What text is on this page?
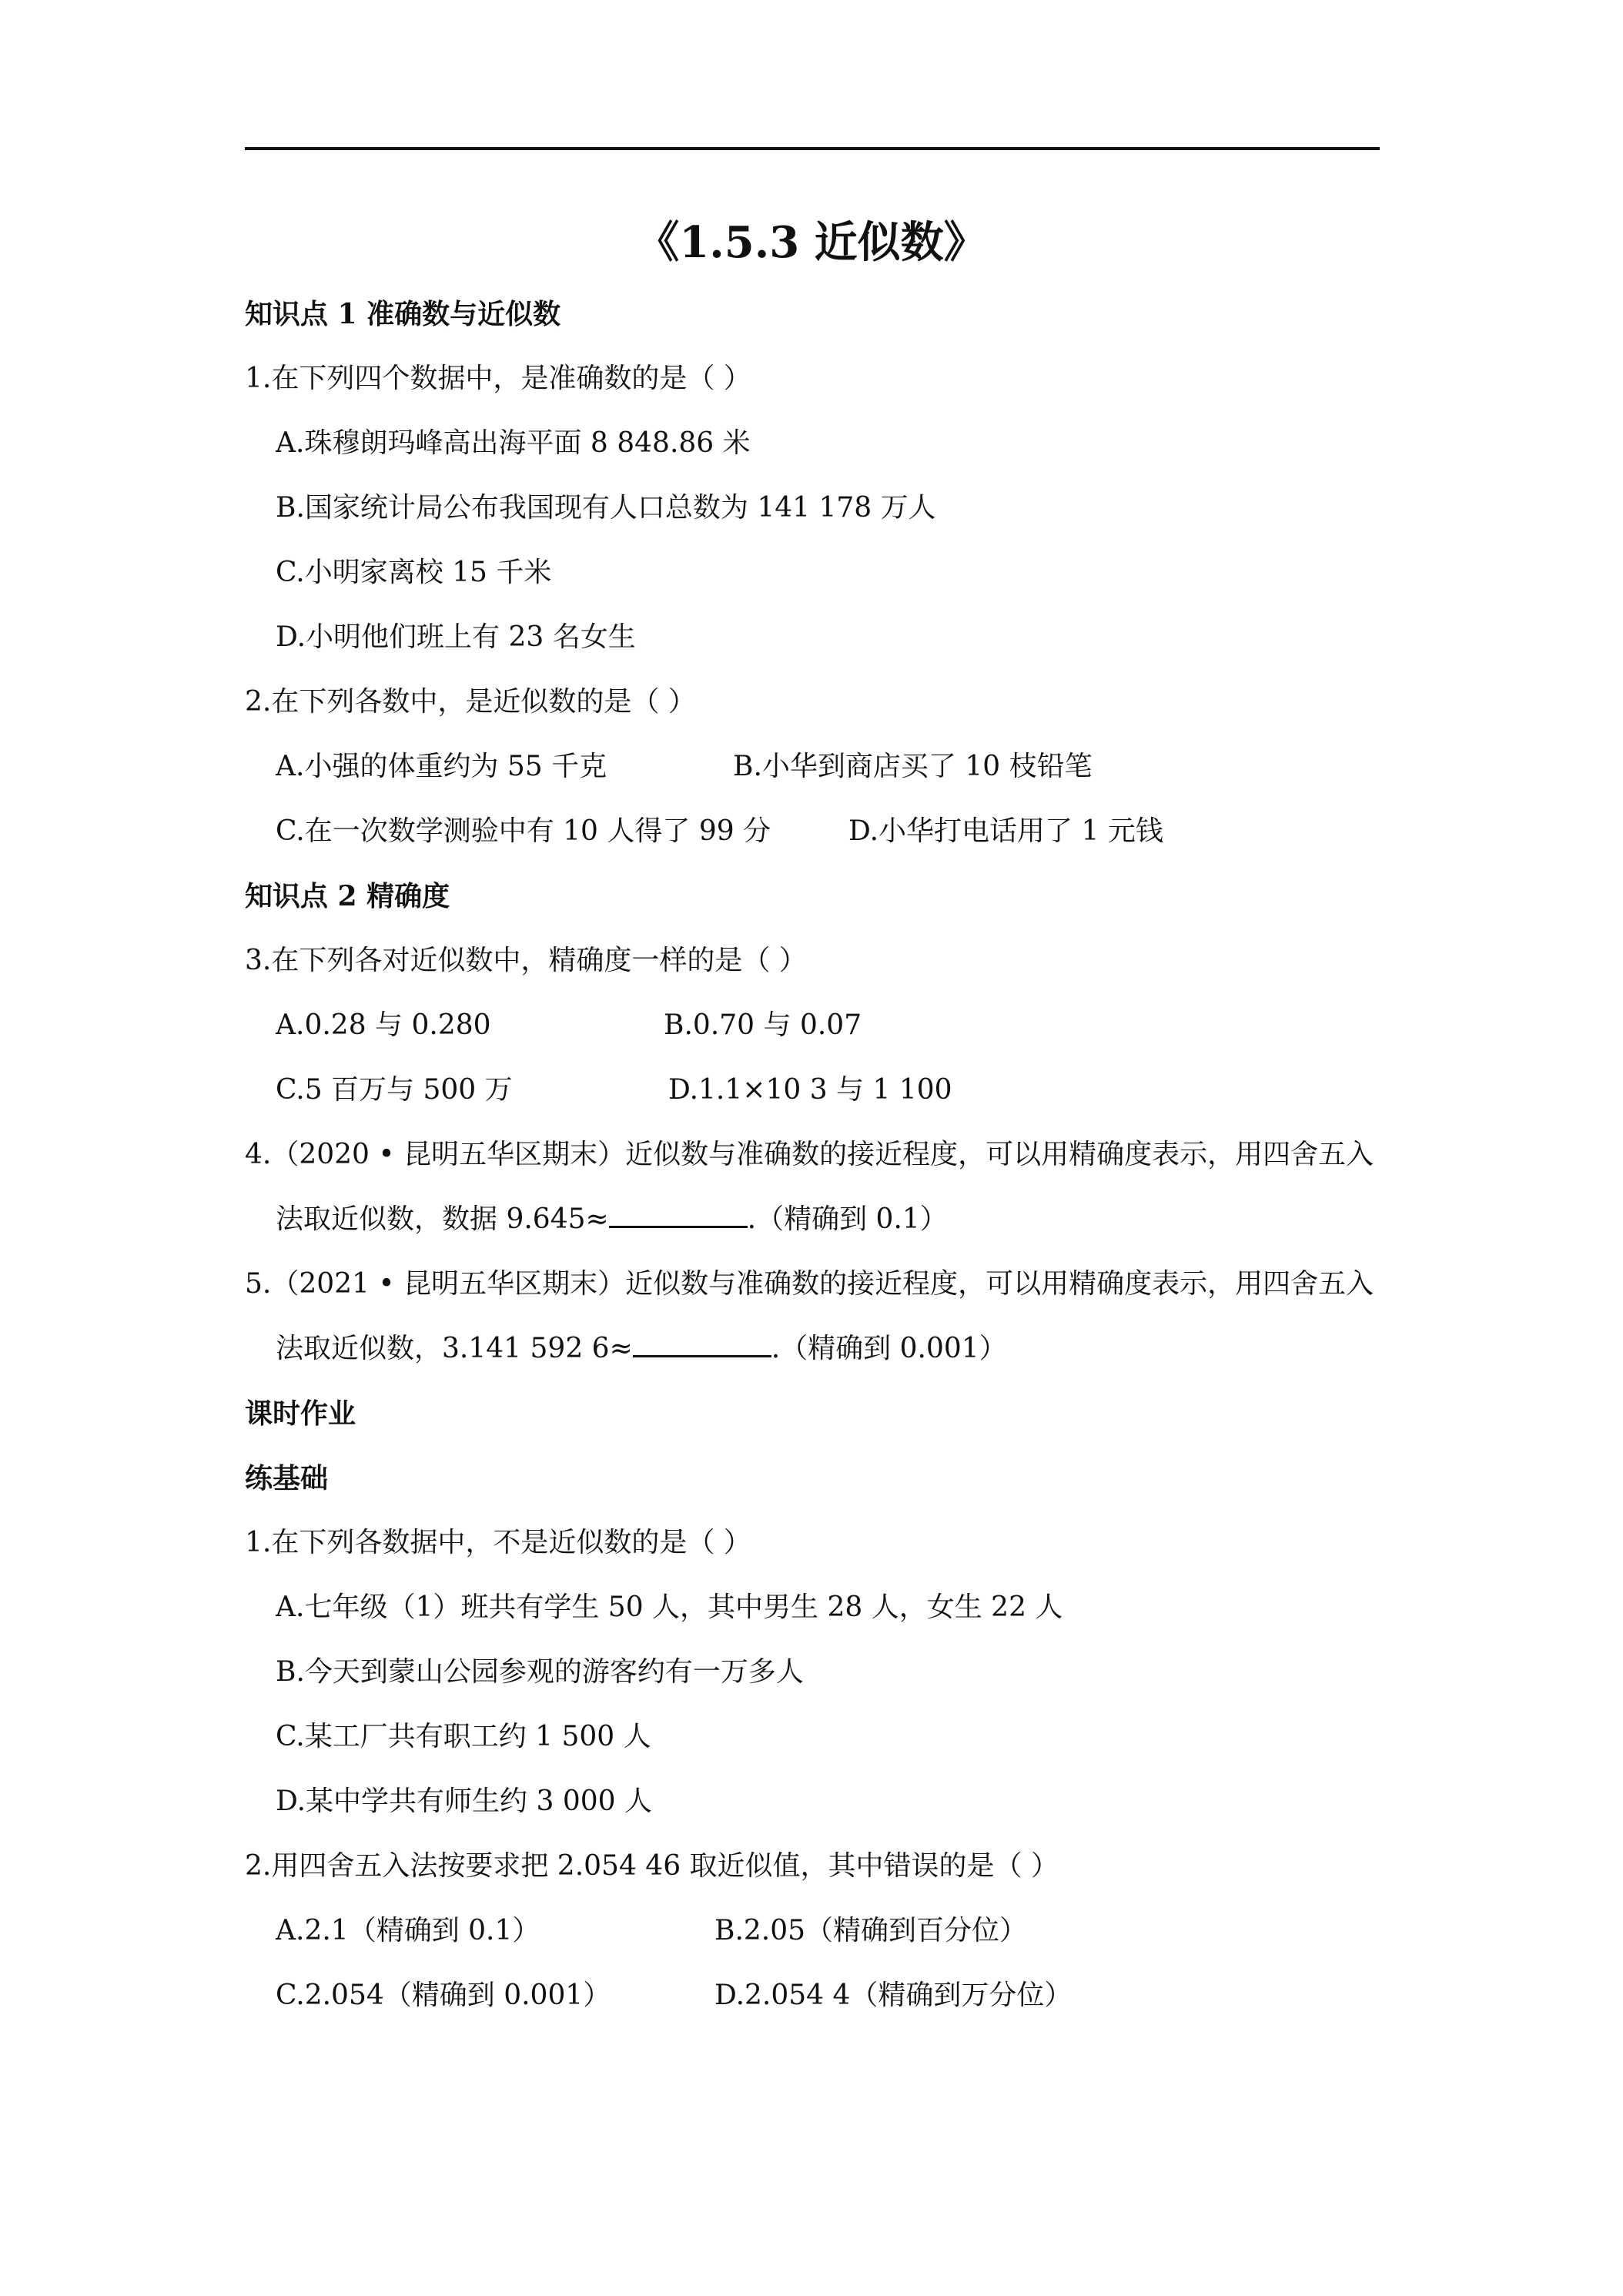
《1.5.3 近似数》
知识点 1 准确数与近似数
1.在下列四个数据中，是准确数的是（ ）
A.珠穆朗玛峰高出海平面 8 848.86 米
B.国家统计局公布我国现有人口总数为 141 178 万人
C.小明家离校 15 千米
D.小明他们班上有 23 名女生
2.在下列各数中，是近似数的是（ ）
A.小强的体重约为 55 千克	B.小华到商店买了 10 枝铅笔
C.在一次数学测验中有 10 人得了 99 分	D.小华打电话用了 1 元钱
知识点 2 精确度
3.在下列各对近似数中，精确度一样的是（ ）
A.0.28 与 0.280	B.0.70 与 0.07
C.5 百万与 500 万	D.1.1×10 3 与 1 100
4.（2020 • 昆明五华区期末）近似数与准确数的接近程度，可以用精确度表示，用四舍五入
法取近似数，数据 9.645≈	.（精确到 0.1）
5.（2021 • 昆明五华区期末）近似数与准确数的接近程度，可以用精确度表示，用四舍五入
法取近似数，3.141 592 6≈	.（精确到 0.001）
课时作业
练基础
1.在下列各数据中，不是近似数的是（ ）
A.七年级（1）班共有学生 50 人，其中男生 28 人，女生 22 人
B.今天到蒙山公园参观的游客约有一万多人
C.某工厂共有职工约 1 500 人
D.某中学共有师生约 3 000 人
2.用四舍五入法按要求把 2.054 46 取近似值，其中错误的是（ ）
A.2.1（精确到 0.1）	B.2.05（精确到百分位）
C.2.054（精确到 0.001）	D.2.054 4（精确到万分位）
